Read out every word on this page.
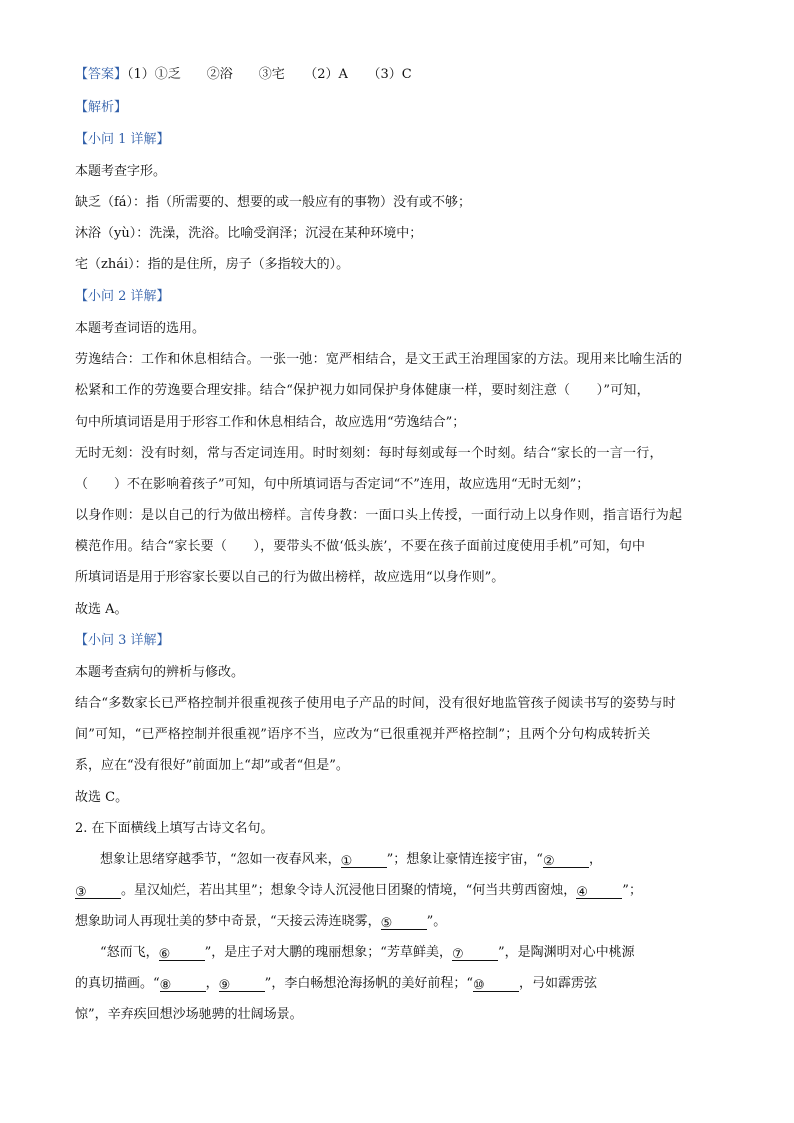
【答案】（1）①乏　　②浴　　③宅　　（2）A　　（3）C
【解析】
【小问 1 详解】
本题考查字形。
缺乏（fá）：指（所需要的、想要的或一般应有的事物）没有或不够；
沐浴（yù）：洗澡，洗浴。比喻受润泽；沉浸在某种环境中；
宅（zhái）：指的是住所，房子（多指较大的）。
【小问 2 详解】
本题考查词语的选用。
劳逸结合：工作和休息相结合。一张一弛：宽严相结合，是文王武王治理国家的方法。现用来比喻生活的
松紧和工作的劳逸要合理安排。结合“保护视力如同保护身体健康一样，要时刻注意（　　）”可知，
句中所填词语是用于形容工作和休息相结合，故应选用“劳逸结合”；
无时无刻：没有时刻，常与否定词连用。时时刻刻：每时每刻或每一个时刻。结合“家长的一言一行，
（　　）不在影响着孩子”可知，句中所填词语与否定词“不”连用，故应选用“无时无刻”；
以身作则：是以自己的行为做出榜样。言传身教：一面口头上传授，一面行动上以身作则，指言语行为起
模范作用。结合“家长要（　　），要带头不做‘低头族’，不要在孩子面前过度使用手机”可知，句中
所填词语是用于形容家长要以自己的行为做出榜样，故应选用“以身作则”。
故选 A。
【小问 3 详解】
本题考查病句的辨析与修改。
结合“多数家长已严格控制并很重视孩子使用电子产品的时间，没有很好地监管孩子阅读书写的姿势与时
间”可知，“已严格控制并很重视”语序不当，应改为“已很重视并严格控制”；且两个分句构成转折关
系，应在“没有很好”前面加上“却”或者“但是”。
故选 C。
2. 在下面横线上填写古诗文名句。
想象让思绪穿越季节，“忽如一夜春风来，①	”；想象让豪情连接宇宙，“②	，
③	。星汉灿烂，若出其里”；想象令诗人沉浸他日团聚的情境，“何当共剪西窗烛，④	”；
想象助词人再现壮美的梦中奇景，“天接云涛连晓雾，⑤	”。
“怒而飞，⑥	”，是庄子对大鹏的瑰丽想象；“芳草鲜美，⑦	”，是陶渊明对心中桃源
的真切描画。“⑧	，⑨	”，李白畅想沧海扬帆的美好前程；“⑩	，弓如霹雳弦
惊”，辛弃疾回想沙场驰骋的壮阔场景。
